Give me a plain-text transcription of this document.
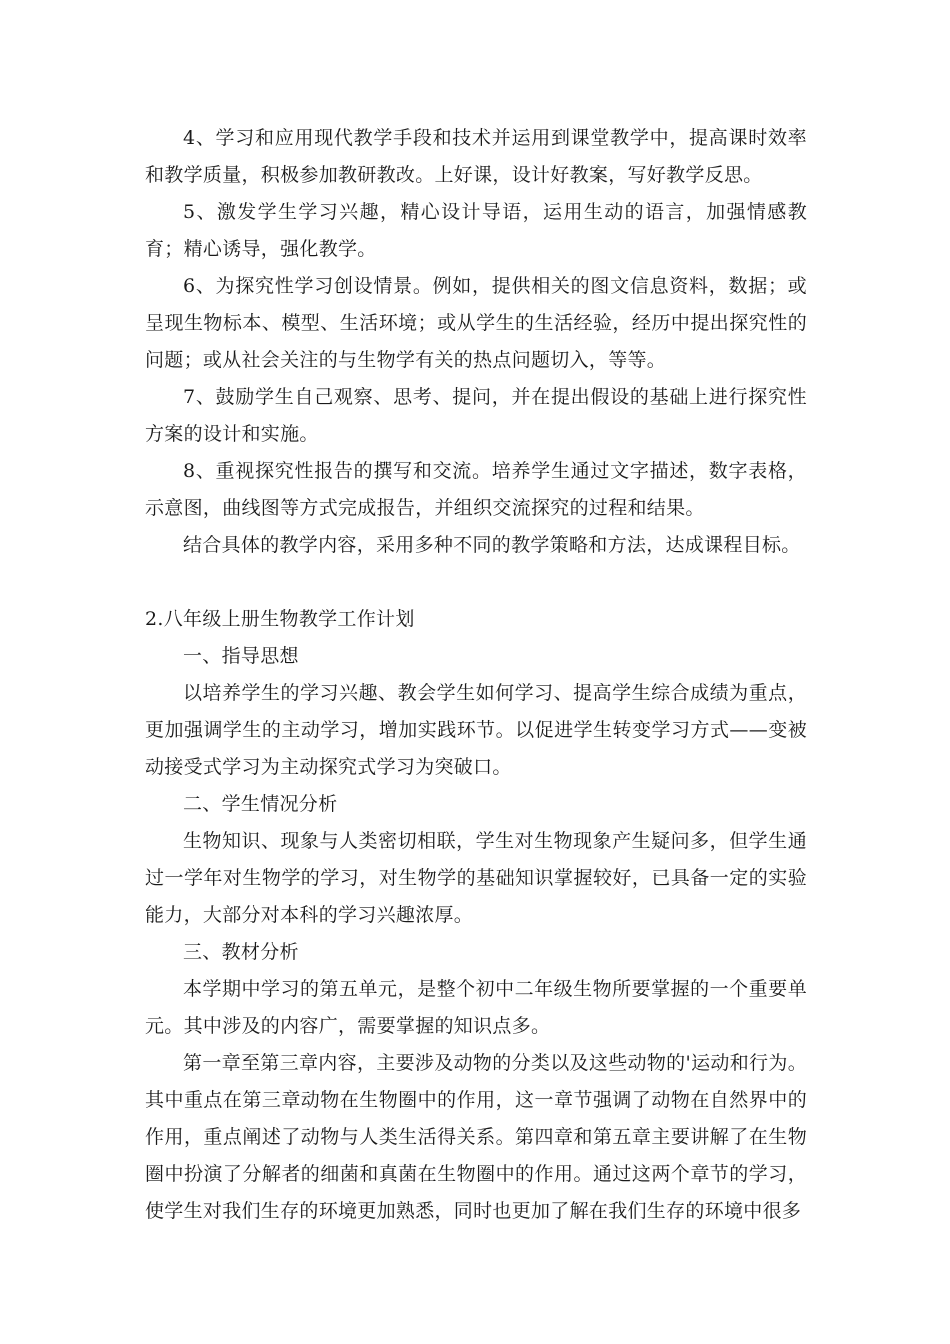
4、学习和应用现代教学手段和技术并运用到课堂教学中，提高课时效率和教学质量，积极参加教研教改。上好课，设计好教案，写好教学反思。

5、激发学生学习兴趣，精心设计导语，运用生动的语言，加强情感教育；精心诱导，强化教学。

6、为探究性学习创设情景。例如，提供相关的图文信息资料，数据；或呈现生物标本、模型、生活环境；或从学生的生活经验，经历中提出探究性的问题；或从社会关注的与生物学有关的热点问题切入，等等。

7、鼓励学生自己观察、思考、提问，并在提出假设的基础上进行探究性方案的设计和实施。

8、重视探究性报告的撰写和交流。培养学生通过文字描述，数字表格，示意图，曲线图等方式完成报告，并组织交流探究的过程和结果。

结合具体的教学内容，采用多种不同的教学策略和方法，达成课程目标。

2.八年级上册生物教学工作计划

一、指导思想

以培养学生的学习兴趣、教会学生如何学习、提高学生综合成绩为重点，更加强调学生的主动学习，增加实践环节。以促进学生转变学习方式——变被动接受式学习为主动探究式学习为突破口。

二、学生情况分析

生物知识、现象与人类密切相联，学生对生物现象产生疑问多，但学生通过一学年对生物学的学习，对生物学的基础知识掌握较好，已具备一定的实验能力，大部分对本科的学习兴趣浓厚。

三、教材分析

本学期中学习的第五单元，是整个初中二年级生物所要掌握的一个重要单元。其中涉及的内容广，需要掌握的知识点多。

第一章至第三章内容，主要涉及动物的分类以及这些动物的'运动和行为。其中重点在第三章动物在生物圈中的作用，这一章节强调了动物在自然界中的作用，重点阐述了动物与人类生活得关系。第四章和第五章主要讲解了在生物圈中扮演了分解者的细菌和真菌在生物圈中的作用。通过这两个章节的学习，使学生对我们生存的环境更加熟悉，同时也更加了解在我们生存的环境中很多
